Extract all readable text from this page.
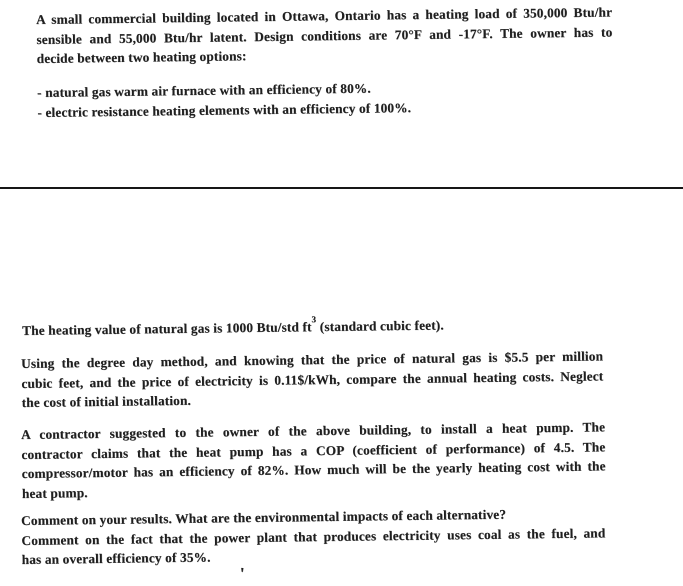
A small commercial building located in Ottawa, Ontario has a heating load of 350,000 Btu/hr
sensible and 55,000 Btu/hr latent. Design conditions are 70°F and -17°F. The owner has to
decide between two heating options:
- natural gas warm air furnace with an efficiency of 80%.
- electric resistance heating elements with an efficiency of 100%.
The heating value of natural gas is 1000 Btu/std $ft^3$ (standard cubic feet).
Using the degree day method, and knowing that the price of natural gas is $5.5 per million
cubic feet, and the price of electricity is 0.11$/kWh, compare the annual heating costs. Neglect
the cost of initial installation.
A contractor suggested to the owner of the above building, to install a heat pump. The
contractor claims that the heat pump has a COP (coefficient of performance) of 4.5. The
compressor/motor has an efficiency of 82%. How much will be the yearly heating cost with the
heat pump.
Comment on your results. What are the environmental impacts of each alternative?
Comment on the fact that the power plant that produces electricity uses coal as the fuel, and
has an overall efficiency of 35%.
'
